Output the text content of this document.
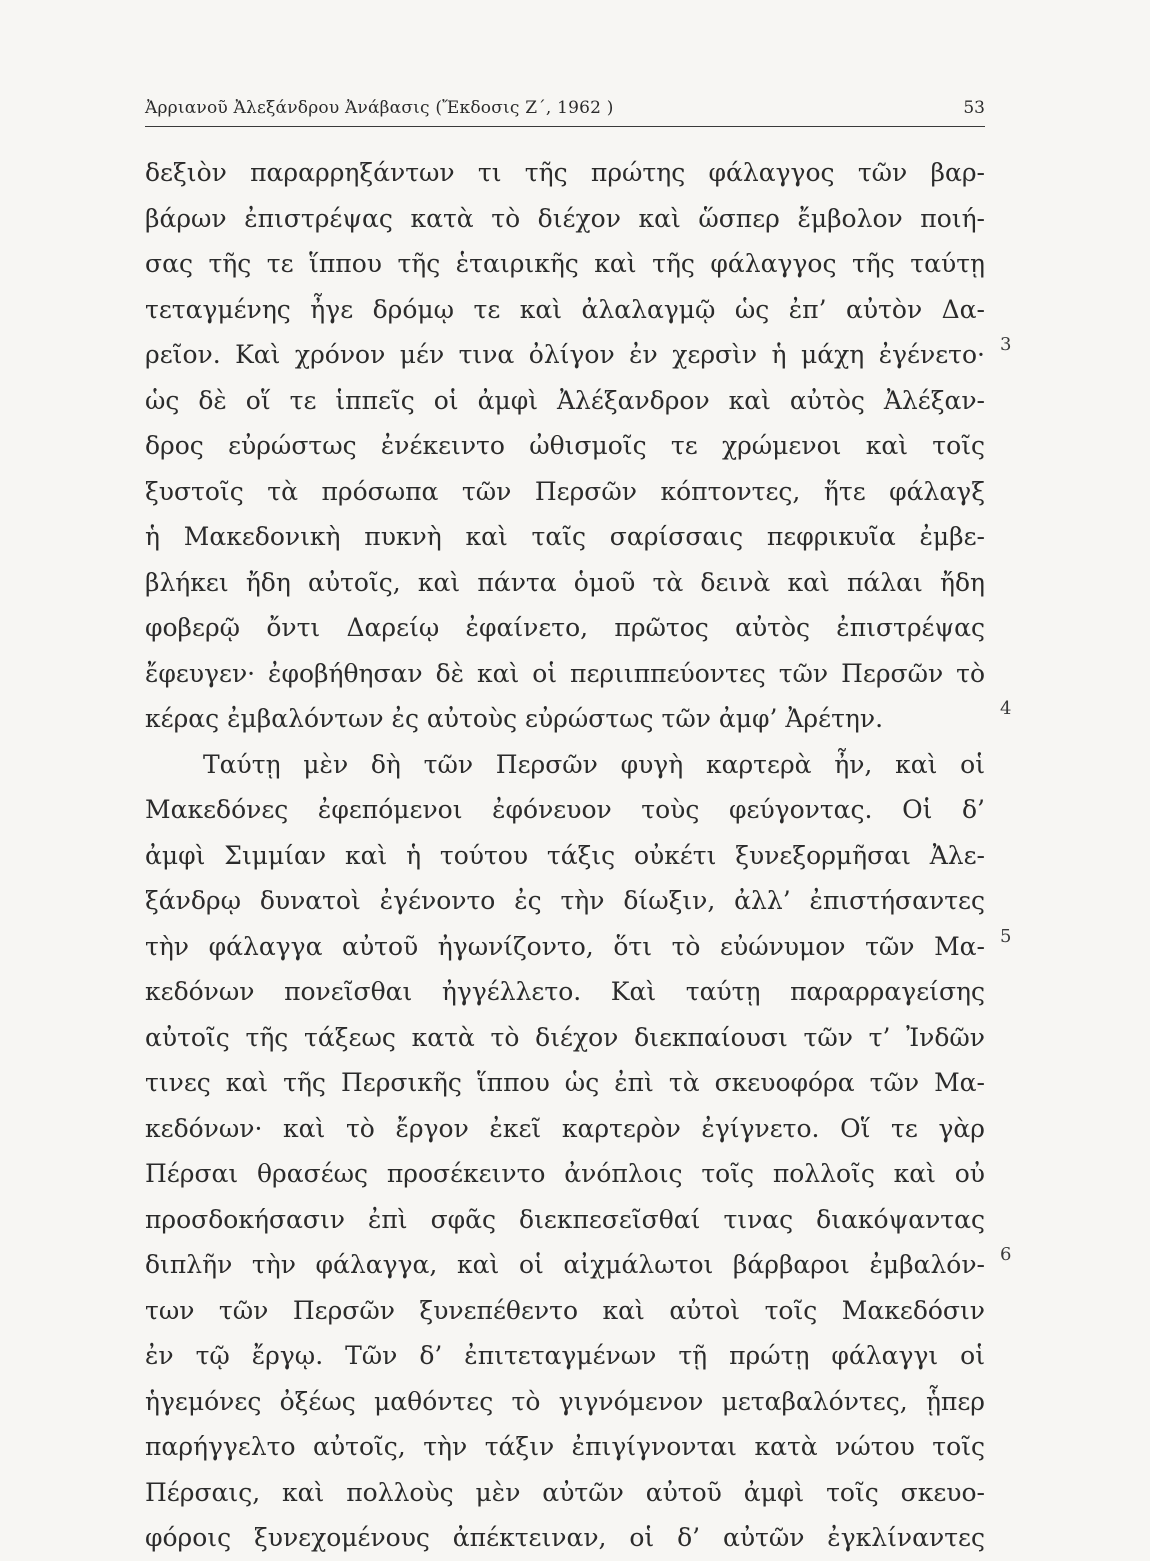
Ἀρριανοῦ Ἀλεξάνδρου Ἀνάβασις (Ἔκδοσις Ζ΄, 1962 )	53
δεξιὸν παραρρηξάντων τι τῆς πρώτης φάλαγγος τῶν βαρ-
βάρων ἐπιστρέψας κατὰ τὸ διέχον καὶ ὥσπερ ἔμβολον ποιή-
σας τῆς τε ἵππου τῆς ἑταιρικῆς καὶ τῆς φάλαγγος τῆς ταύτῃ
τεταγμένης ἦγε δρόμῳ τε καὶ ἀλαλαγμῷ ὡς ἐπ’ αὐτὸν Δα-
ρεῖον. Καὶ χρόνον μέν τινα ὀλίγον ἐν χερσὶν ἡ μάχη ἐγένετο·
ὡς δὲ οἵ τε ἱππεῖς οἱ ἀμφὶ Ἀλέξανδρον καὶ αὐτὸς Ἀλέξαν-
δρος εὐρώστως ἐνέκειντο ὠθισμοῖς τε χρώμενοι καὶ τοῖς
ξυστοῖς τὰ πρόσωπα τῶν Περσῶν κόπτοντες, ἥτε φάλαγξ
ἡ Μακεδονικὴ πυκνὴ καὶ ταῖς σαρίσσαις πεφρικυῖα ἐμβε-
βλήκει ἤδη αὐτοῖς, καὶ πάντα ὁμοῦ τὰ δεινὰ καὶ πάλαι ἤδη
φοβερῷ ὄντι Δαρείῳ ἐφαίνετο, πρῶτος αὐτὸς ἐπιστρέψας
ἔφευγεν· ἐφοβήθησαν δὲ καὶ οἱ περιιππεύοντες τῶν Περσῶν τὸ
κέρας ἐμβαλόντων ἐς αὐτοὺς εὐρώστως τῶν ἀμφ’ Ἀρέτην.
Ταύτῃ μὲν δὴ τῶν Περσῶν φυγὴ καρτερὰ ἦν, καὶ οἱ
Μακεδόνες ἐφεπόμενοι ἐφόνευον τοὺς φεύγοντας. Οἱ δ’
ἀμφὶ Σιμμίαν καὶ ἡ τούτου τάξις οὐκέτι ξυνεξορμῆσαι Ἀλε-
ξάνδρῳ δυνατοὶ ἐγένοντο ἐς τὴν δίωξιν, ἀλλ’ ἐπιστήσαντες
τὴν φάλαγγα αὐτοῦ ἠγωνίζοντο, ὅτι τὸ εὐώνυμον τῶν Μα-
κεδόνων πονεῖσθαι ἠγγέλλετο. Καὶ ταύτῃ παραρραγείσης
αὐτοῖς τῆς τάξεως κατὰ τὸ διέχον διεκπαίουσι τῶν τ’ Ἰνδῶν
τινες καὶ τῆς Περσικῆς ἵππου ὡς ἐπὶ τὰ σκευοφόρα τῶν Μα-
κεδόνων· καὶ τὸ ἔργον ἐκεῖ καρτερὸν ἐγίγνετο. Οἵ τε γὰρ
Πέρσαι θρασέως προσέκειντο ἀνόπλοις τοῖς πολλοῖς καὶ οὐ
προσδοκήσασιν ἐπὶ σφᾶς διεκπεσεῖσθαί τινας διακόψαντας
διπλῆν τὴν φάλαγγα, καὶ οἱ αἰχμάλωτοι βάρβαροι ἐμβαλόν-
των τῶν Περσῶν ξυνεπέθεντο καὶ αὐτοὶ τοῖς Μακεδόσιν
ἐν τῷ ἔργῳ. Τῶν δ’ ἐπιτεταγμένων τῇ πρώτῃ φάλαγγι οἱ
ἡγεμόνες ὀξέως μαθόντες τὸ γιγνόμενον μεταβαλόντες, ᾗπερ
παρήγγελτο αὐτοῖς, τὴν τάξιν ἐπιγίγνονται κατὰ νώτου τοῖς
Πέρσαις, καὶ πολλοὺς μὲν αὐτῶν αὐτοῦ ἀμφὶ τοῖς σκευο-
φόροις ξυνεχομένους ἀπέκτειναν, οἱ δ’ αὐτῶν ἐγκλίναντες
3
4
5
6
